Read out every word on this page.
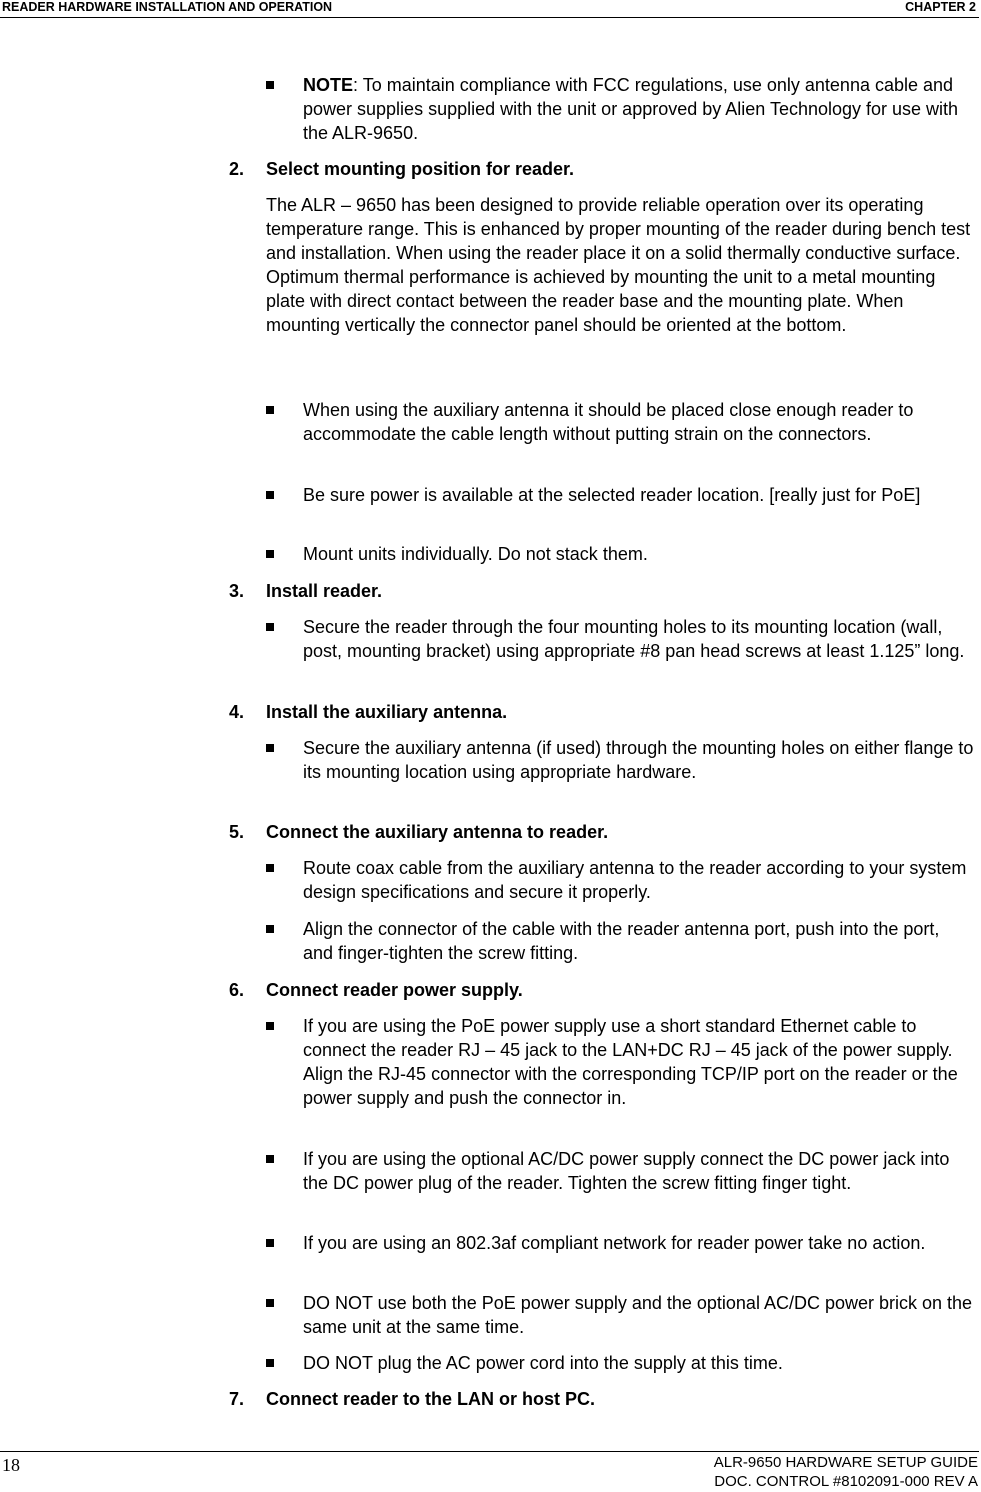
READER HARDWARE INSTALLATION AND OPERATION	CHAPTER 2
NOTE: To maintain compliance with FCC regulations, use only antenna cable and power supplies supplied with the unit or approved by Alien Technology for use with the ALR-9650.
2.	Select mounting position for reader.
The ALR – 9650 has been designed to provide reliable operation over its operating temperature range. This is enhanced by proper mounting of the reader during bench test and installation. When using the reader place it on a solid thermally conductive surface. Optimum thermal performance is achieved by mounting the unit to a metal mounting plate with direct contact between the reader base and the mounting plate. When mounting vertically the connector panel should be oriented at the bottom.
When using the auxiliary antenna it should be placed close enough reader to accommodate the cable length without putting strain on the connectors.
Be sure power is available at the selected reader location. [really just for PoE]
Mount units individually. Do not stack them.
3.	Install reader.
Secure the reader through the four mounting holes to its mounting location (wall, post, mounting bracket) using appropriate #8 pan head screws at least 1.125” long.
4.	Install the auxiliary antenna.
Secure the auxiliary antenna (if used) through the mounting holes on either flange to its mounting location using appropriate hardware.
5.	Connect the auxiliary antenna to reader.
Route coax cable from the auxiliary antenna to the reader according to your system design specifications and secure it properly.
Align the connector of the cable with the reader antenna port, push into the port, and finger-tighten the screw fitting.
6.	Connect reader power supply.
If you are using the PoE power supply use a short standard Ethernet cable to connect the reader RJ – 45 jack to the LAN+DC RJ – 45 jack of the power supply. Align the RJ-45 connector with the corresponding TCP/IP port on the reader or the power supply and push the connector in.
If you are using the optional AC/DC power supply connect the DC power jack into the DC power plug of the reader. Tighten the screw fitting finger tight.
If you are using an 802.3af compliant network for reader power take no action.
DO NOT use both the PoE power supply and the optional AC/DC power brick on the same unit at the same time.
DO NOT plug the AC power cord into the supply at this time.
7.	Connect reader to the LAN or host PC.
18	ALR-9650 HARDWARE SETUP GUIDE
DOC. CONTROL #8102091-000 REV A
